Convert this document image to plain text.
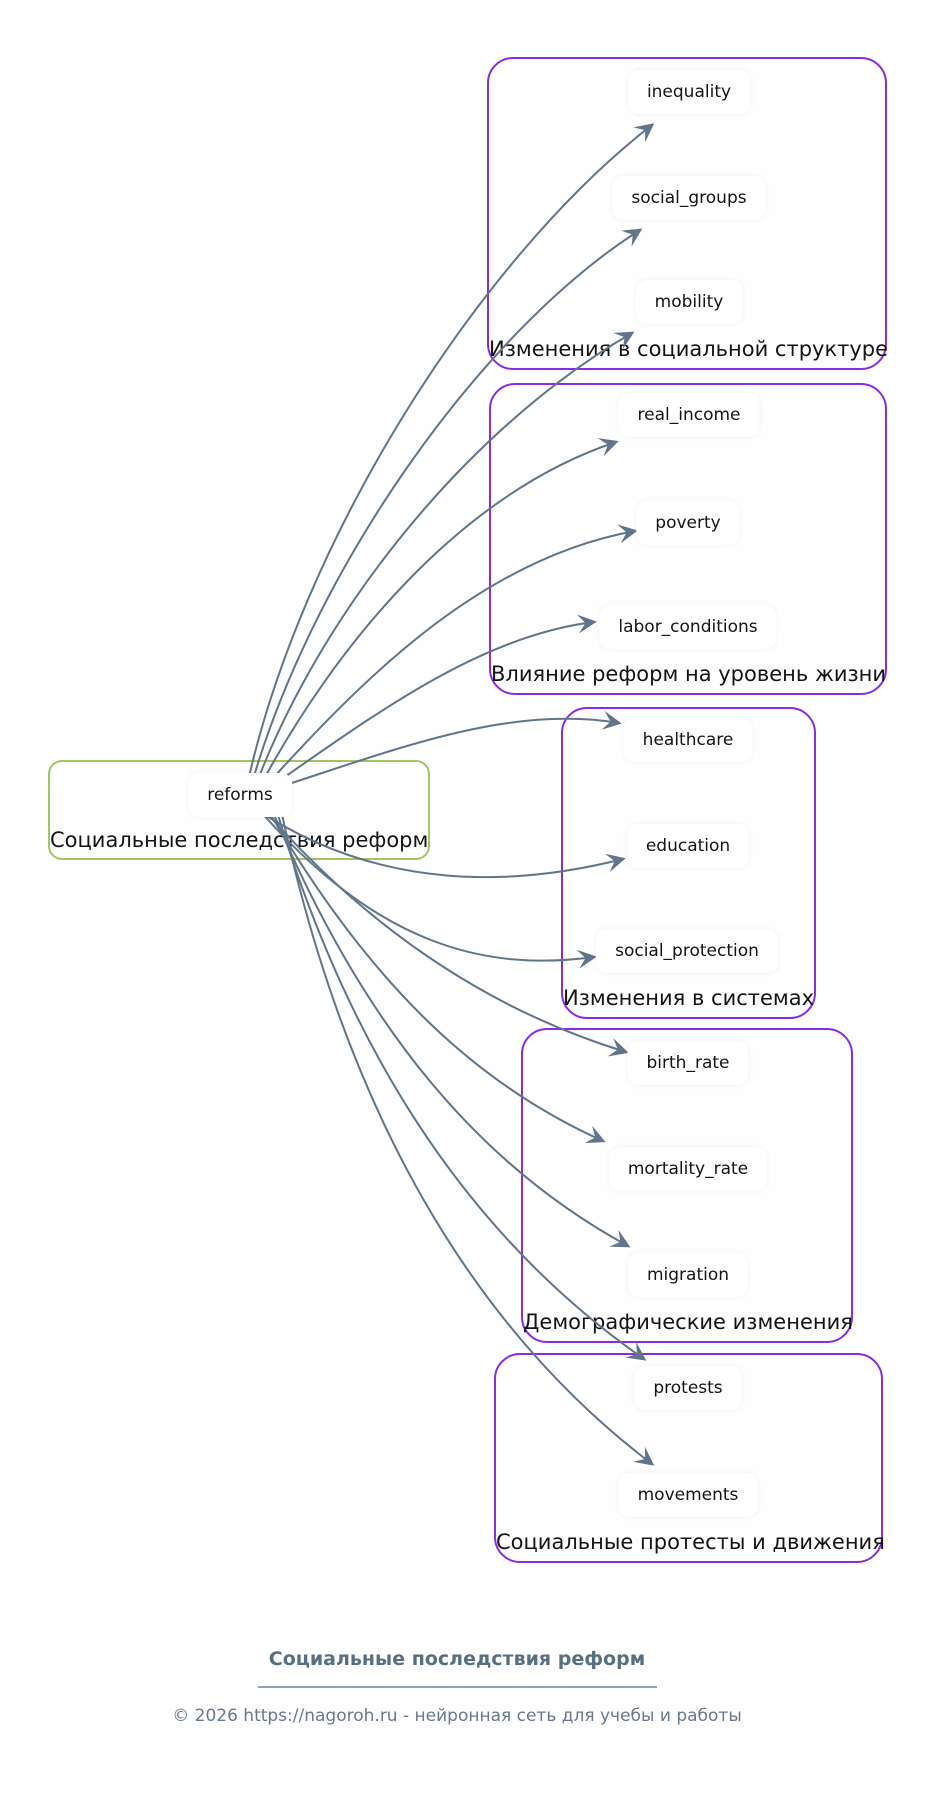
Изменения в социальной структуре
Влияние реформ на уровень жизни
Изменения в системах
Демографические изменения
Социальные протесты и движения
Социальные последствия реформ
reforms
inequality
social_groups
mobility
real_income
poverty
labor_conditions
healthcare
education
social_protection
birth_rate
mortality_rate
migration
protests
movements
Социальные последствия реформ
© 2026 https://nagoroh.ru - нейронная сеть для учебы и работы
